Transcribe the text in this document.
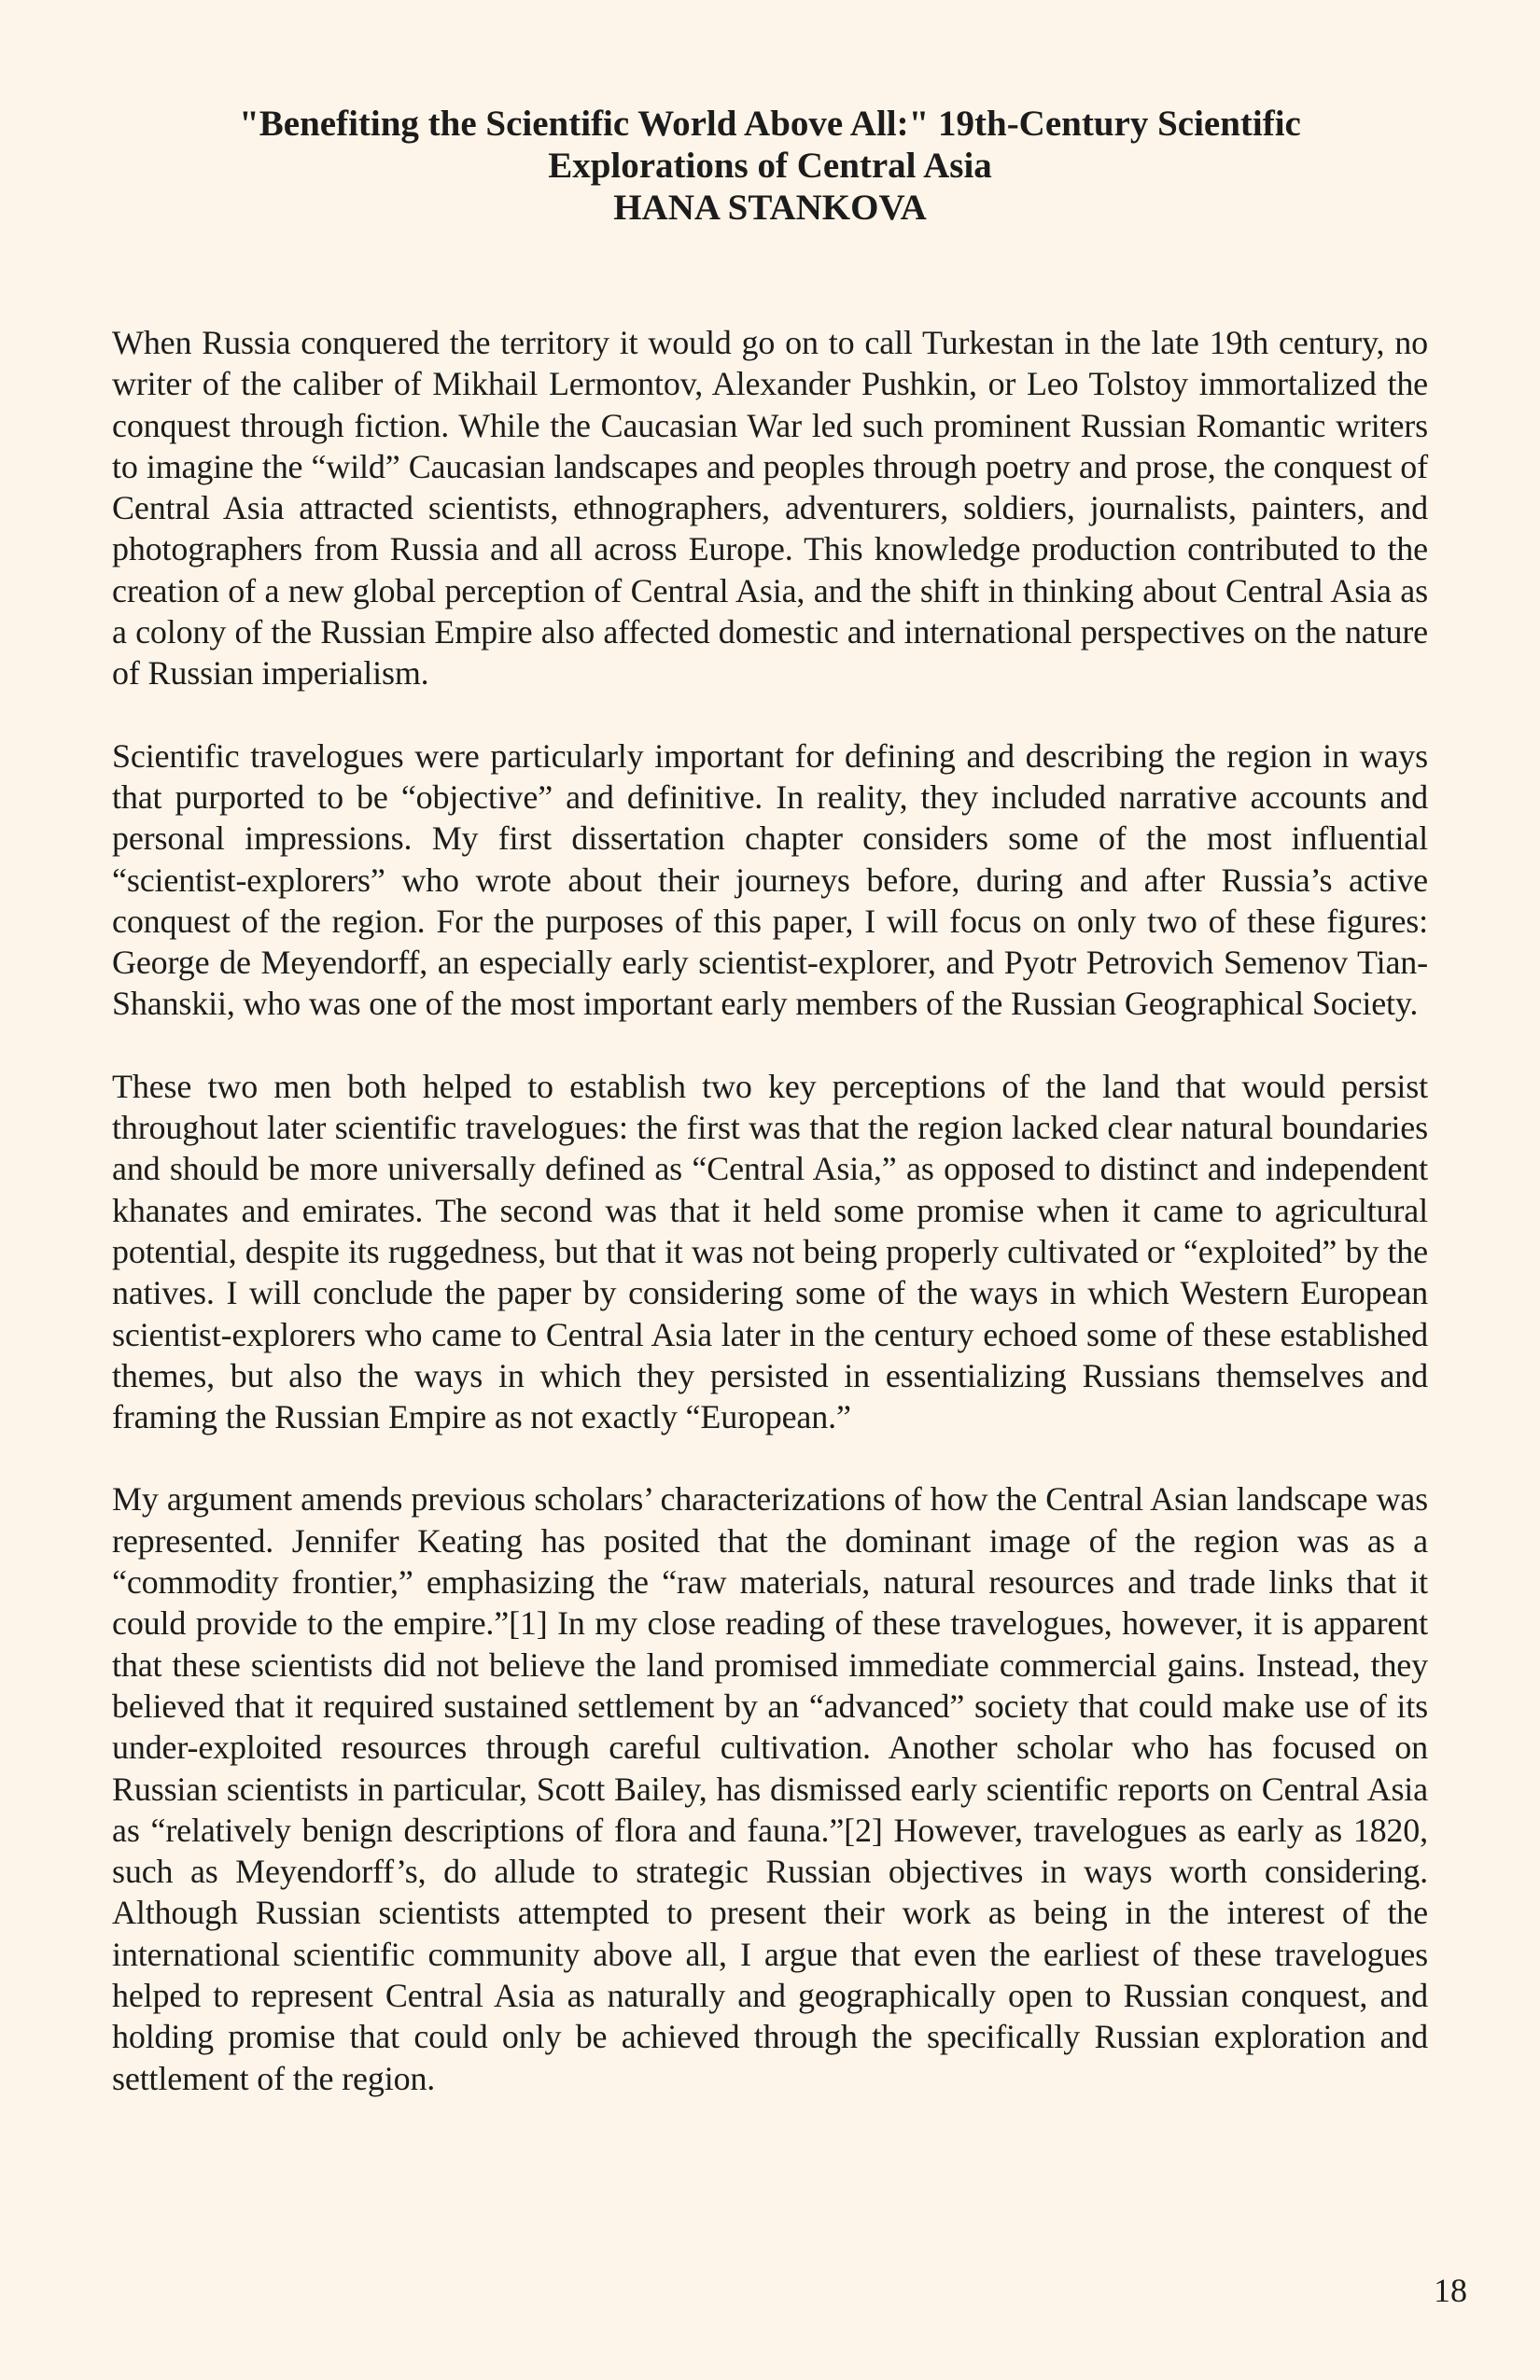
"Benefiting the Scientific World Above All:" 19th-Century Scientific
Explorations of Central Asia

HANA STANKOVA

When Russia conquered the territory it would go on to call Turkestan in the late 19th century, no writer of the caliber of Mikhail Lermontov, Alexander Pushkin, or Leo Tolstoy immortalized the conquest through fiction. While the Caucasian War led such prominent Russian Romantic writers to imagine the “wild” Caucasian landscapes and peoples through poetry and prose, the conquest of Central Asia attracted scientists, ethnographers, adventurers, soldiers, journalists, painters, and photographers from Russia and all across Europe. This knowledge production contributed to the creation of a new global perception of Central Asia, and the shift in thinking about Central Asia as a colony of the Russian Empire also affected domestic and international perspectives on the nature of Russian imperialism.

Scientific travelogues were particularly important for defining and describing the region in ways that purported to be “objective” and definitive. In reality, they included narrative accounts and personal impressions. My first dissertation chapter considers some of the most influential “scientist-explorers” who wrote about their journeys before, during and after Russia’s active conquest of the region. For the purposes of this paper, I will focus on only two of these figures: George de Meyendorff, an especially early scientist-explorer, and Pyotr Petrovich Semenov Tian-Shanskii, who was one of the most important early members of the Russian Geographical Society.

These two men both helped to establish two key perceptions of the land that would persist throughout later scientific travelogues: the first was that the region lacked clear natural boundaries and should be more universally defined as “Central Asia,” as opposed to distinct and independent khanates and emirates. The second was that it held some promise when it came to agricultural potential, despite its ruggedness, but that it was not being properly cultivated or “exploited” by the natives. I will conclude the paper by considering some of the ways in which Western European scientist-explorers who came to Central Asia later in the century echoed some of these established themes, but also the ways in which they persisted in essentializing Russians themselves and framing the Russian Empire as not exactly “European.”

My argument amends previous scholars’ characterizations of how the Central Asian landscape was represented. Jennifer Keating has posited that the dominant image of the region was as a “commodity frontier,” emphasizing the “raw materials, natural resources and trade links that it could provide to the empire.”[1] In my close reading of these travelogues, however, it is apparent that these scientists did not believe the land promised immediate commercial gains. Instead, they believed that it required sustained settlement by an “advanced” society that could make use of its under-exploited resources through careful cultivation. Another scholar who has focused on Russian scientists in particular, Scott Bailey, has dismissed early scientific reports on Central Asia as “relatively benign descriptions of flora and fauna.”[2] However, travelogues as early as 1820, such as Meyendorff’s, do allude to strategic Russian objectives in ways worth considering. Although Russian scientists attempted to present their work as being in the interest of the international scientific community above all, I argue that even the earliest of these travelogues helped to represent Central Asia as naturally and geographically open to Russian conquest, and holding promise that could only be achieved through the specifically Russian exploration and settlement of the region.

18
